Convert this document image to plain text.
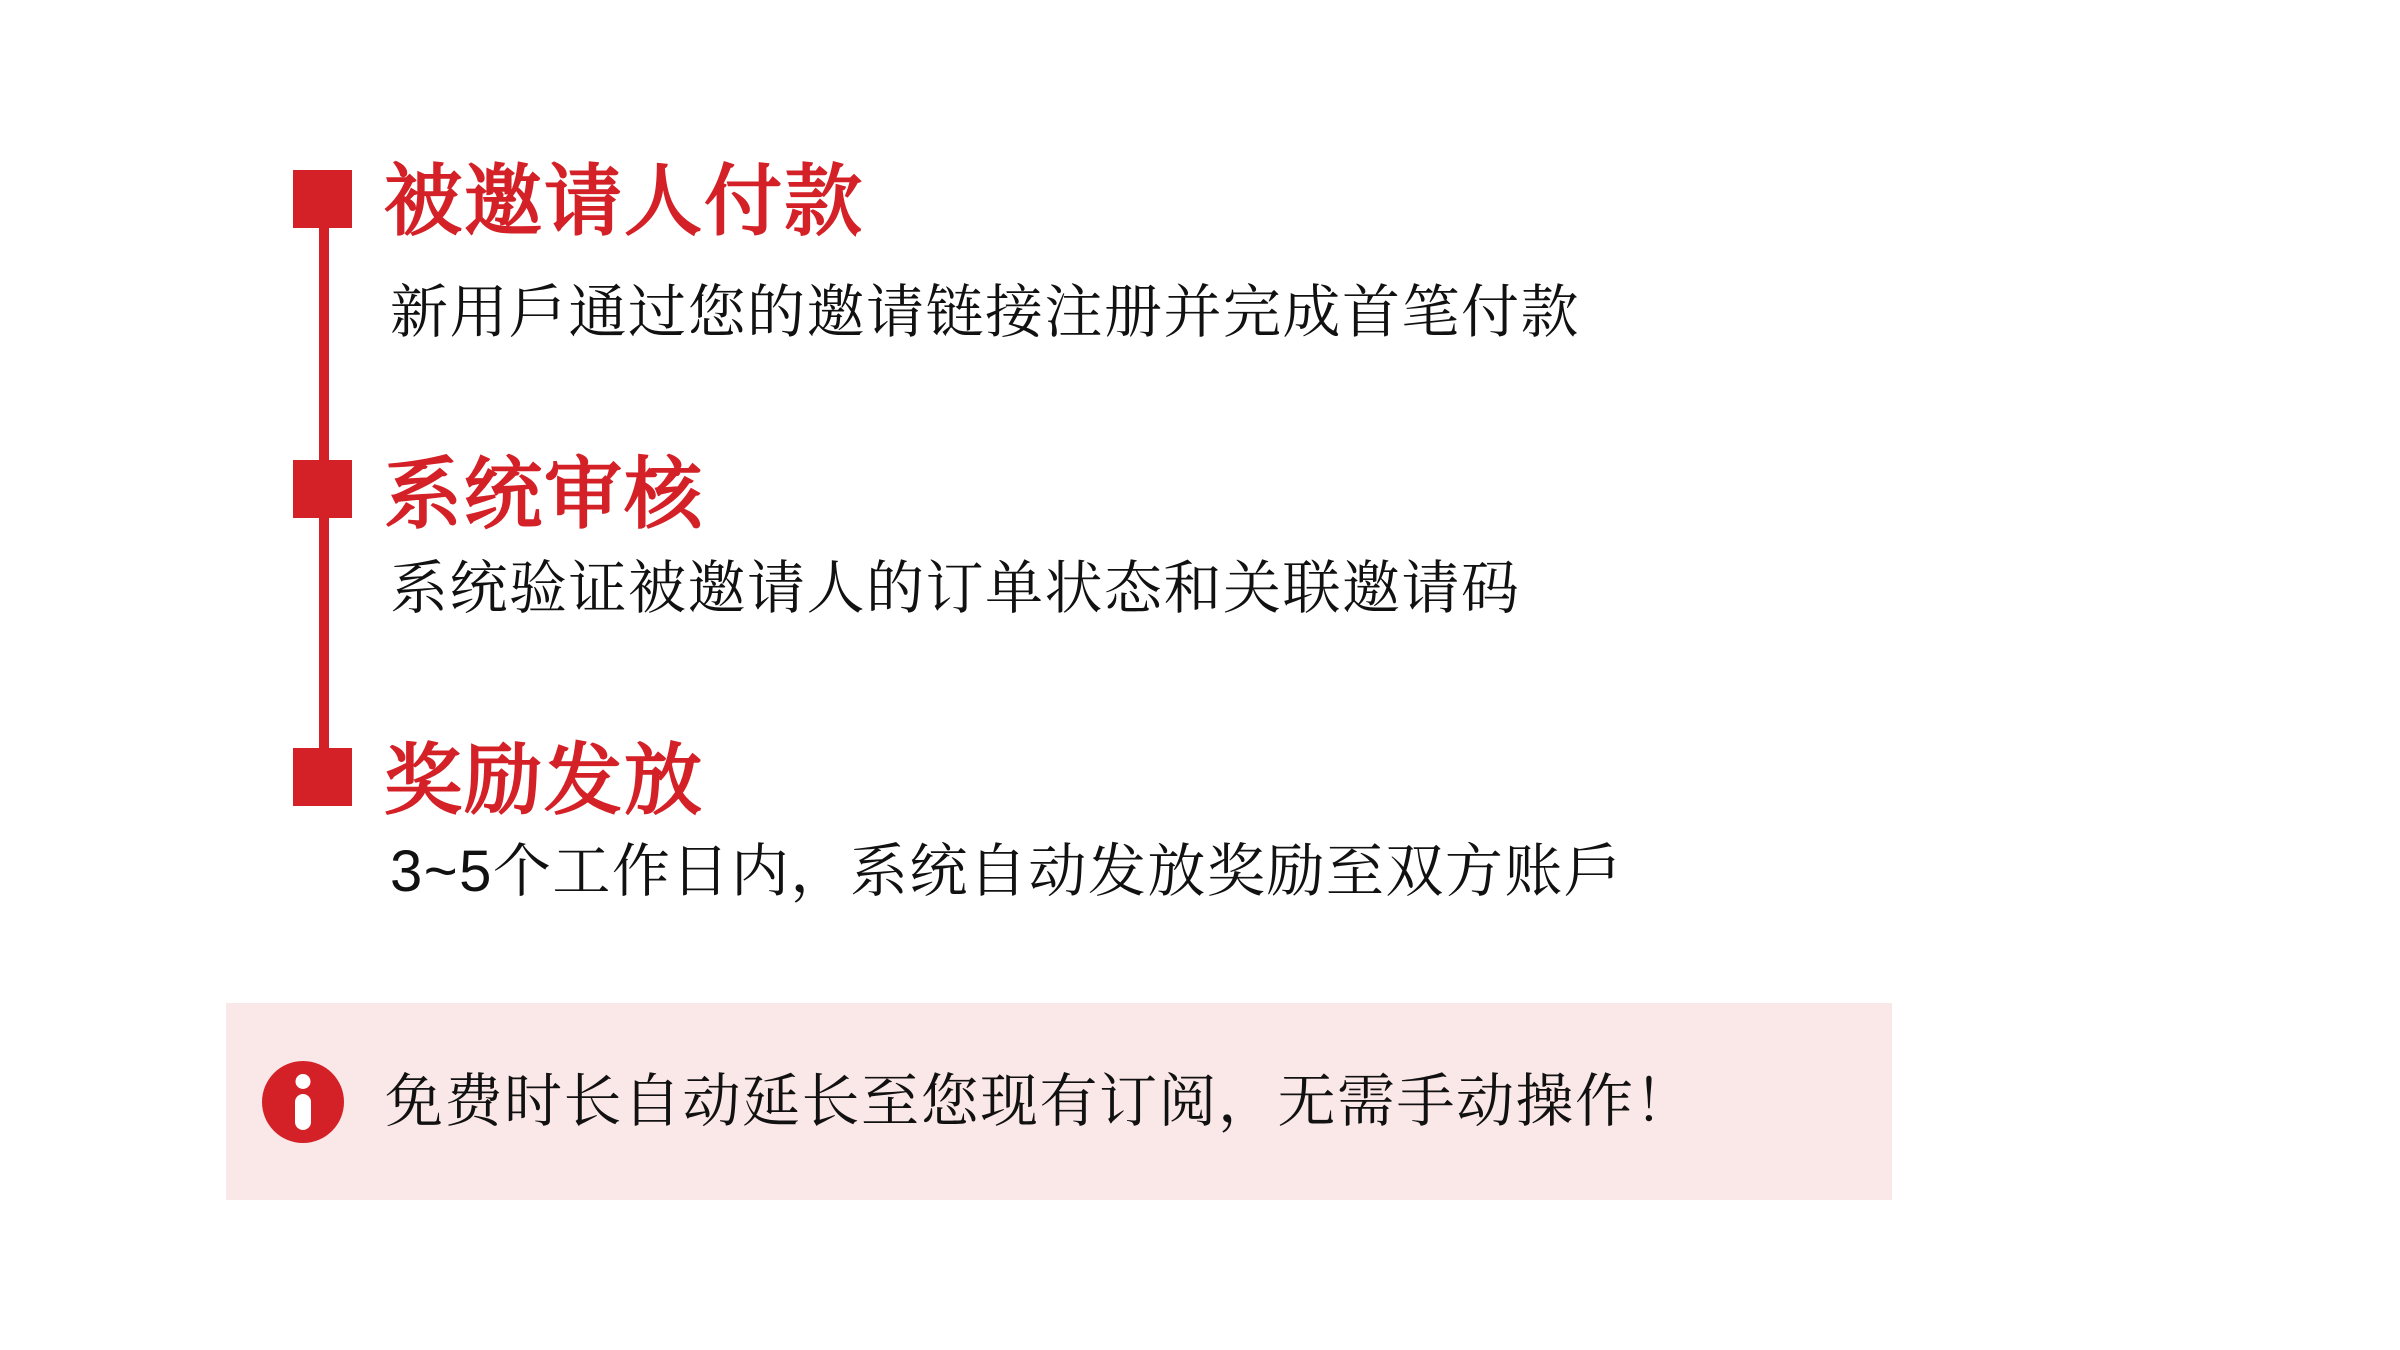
被邀请人付款

新用戶通过您的邀请链接注册并完成首笔付款

系统审核

系统验证被邀请人的订单状态和关联邀请码

奖励发放

3~5个工作日内，系统自动发放奖励至双方账戶

免费时长自动延长至您现有订阅，无需手动操作！
